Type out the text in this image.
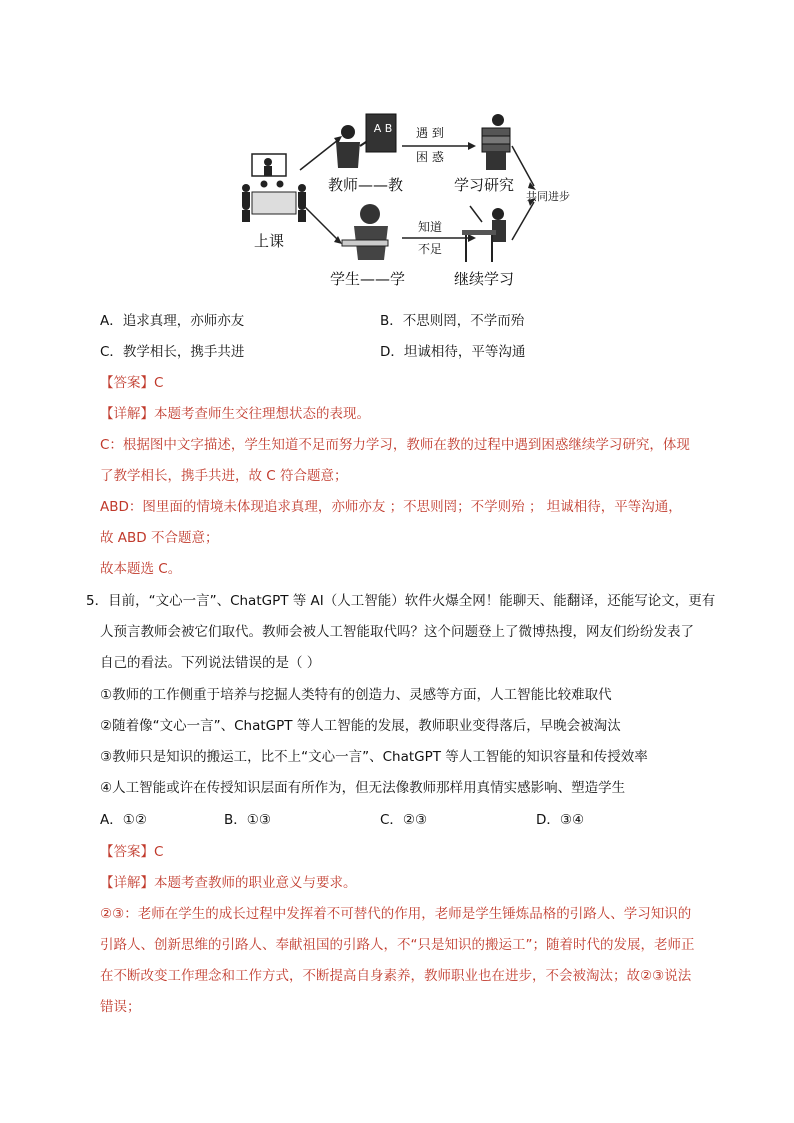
A B
上课
教师——教	学习研究
学生——学	继续学习
共同进步
遇 到
困 惑
知道
不足
A．追求真理，亦师亦友	B．不思则罔，不学而殆
C．教学相长，携手共进	D．坦诚相待，平等沟通
【答案】C
【详解】本题考查师生交往理想状态的表现。
C：根据图中文字描述，学生知道不足而努力学习，教师在教的过程中遇到困惑继续学习研究，体现
了教学相长，携手共进，故 C 符合题意；
ABD：图里面的情境未体现追求真理，亦师亦友 ；不思则罔；不学则殆 ； 坦诚相待，平等沟通，
故 ABD 不合题意；
故本题选 C。
5．目前，“文心一言”、ChatGPT 等 AI（人工智能）软件火爆全网！能聊天、能翻译，还能写论文，更有
人预言教师会被它们取代。教师会被人工智能取代吗？这个问题登上了微博热搜，网友们纷纷发表了
自己的看法。下列说法错误的是（ ）
①教师的工作侧重于培养与挖掘人类特有的创造力、灵感等方面，人工智能比较难取代
②随着像“文心一言”、ChatGPT 等人工智能的发展，教师职业变得落后，早晚会被淘汰
③教师只是知识的搬运工，比不上“文心一言”、ChatGPT 等人工智能的知识容量和传授效率
④人工智能或许在传授知识层面有所作为，但无法像教师那样用真情实感影响、塑造学生
A．①②	B．①③	C．②③	D．③④
【答案】C
【详解】本题考查教师的职业意义与要求。
②③：老师在学生的成长过程中发挥着不可替代的作用，老师是学生锤炼品格的引路人、学习知识的
引路人、创新思维的引路人、奉献祖国的引路人，不“只是知识的搬运工”；随着时代的发展，老师正
在不断改变工作理念和工作方式，不断提高自身素养，教师职业也在进步，不会被淘汰；故②③说法
错误；
